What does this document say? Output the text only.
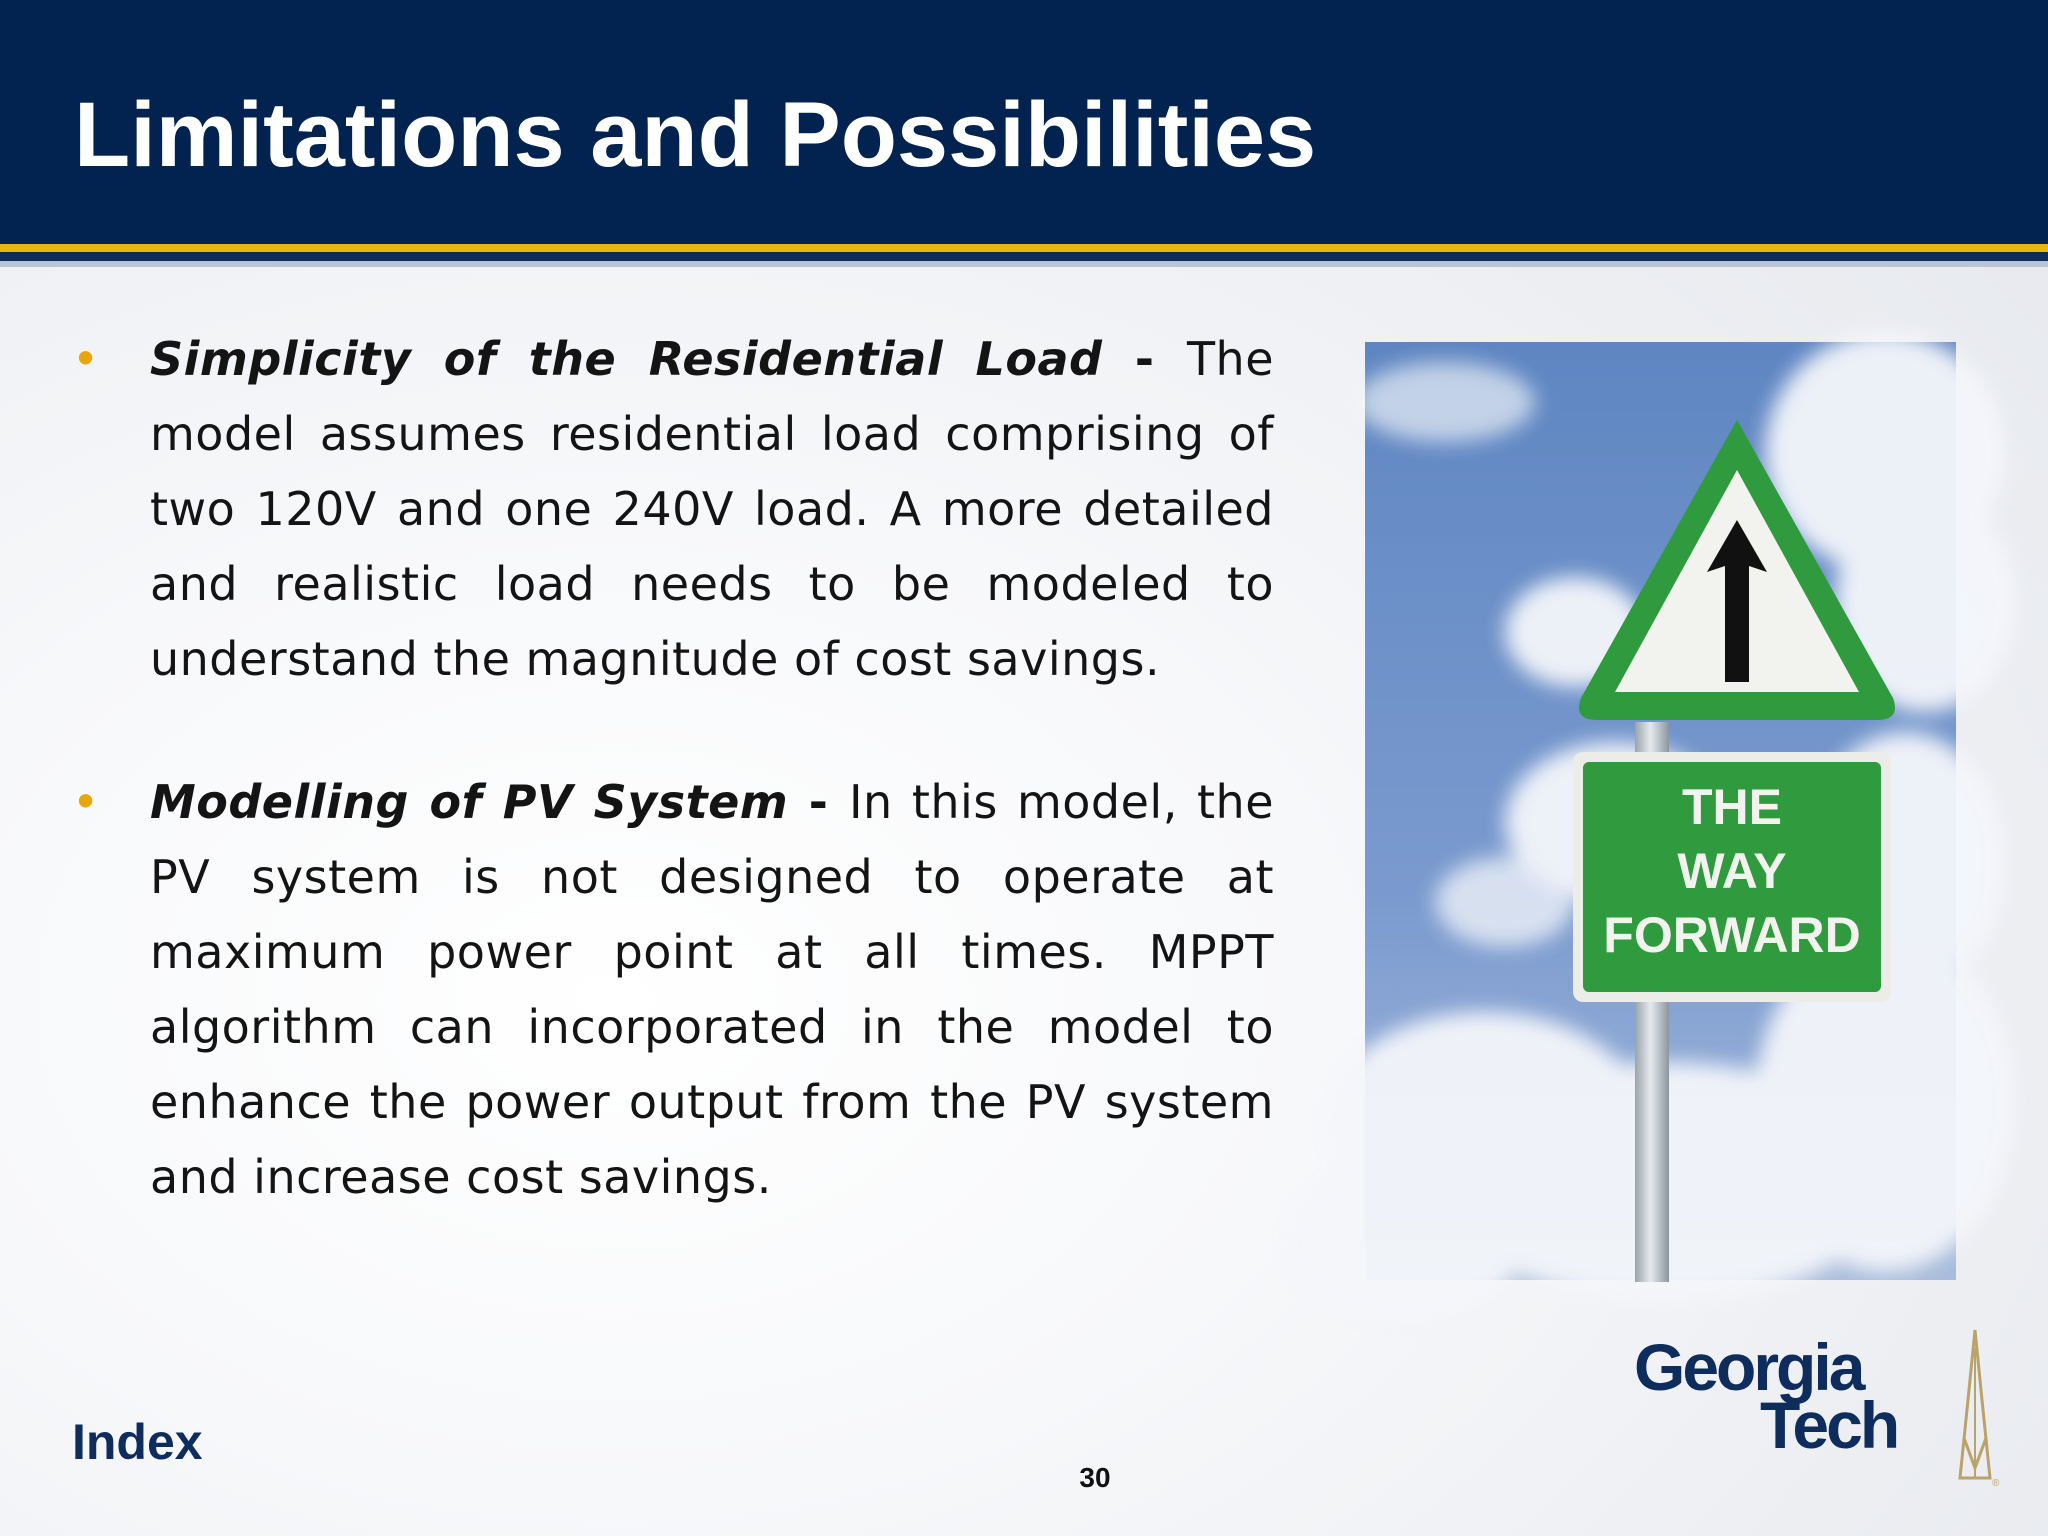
Limitations and Possibilities
• Simplicity of the Residential Load - The model assumes residential load comprising of two 120V and one 240V load. A more detailed and realistic load needs to be modeled to understand the magnitude of cost savings.
• Modelling of PV System - In this model, the PV system is not designed to operate at maximum power point at all times. MPPT algorithm can incorporated in the model to enhance the power output from the PV system and increase cost savings.
THE
WAY
FORWARD
Index
30
Georgia
Tech
®
